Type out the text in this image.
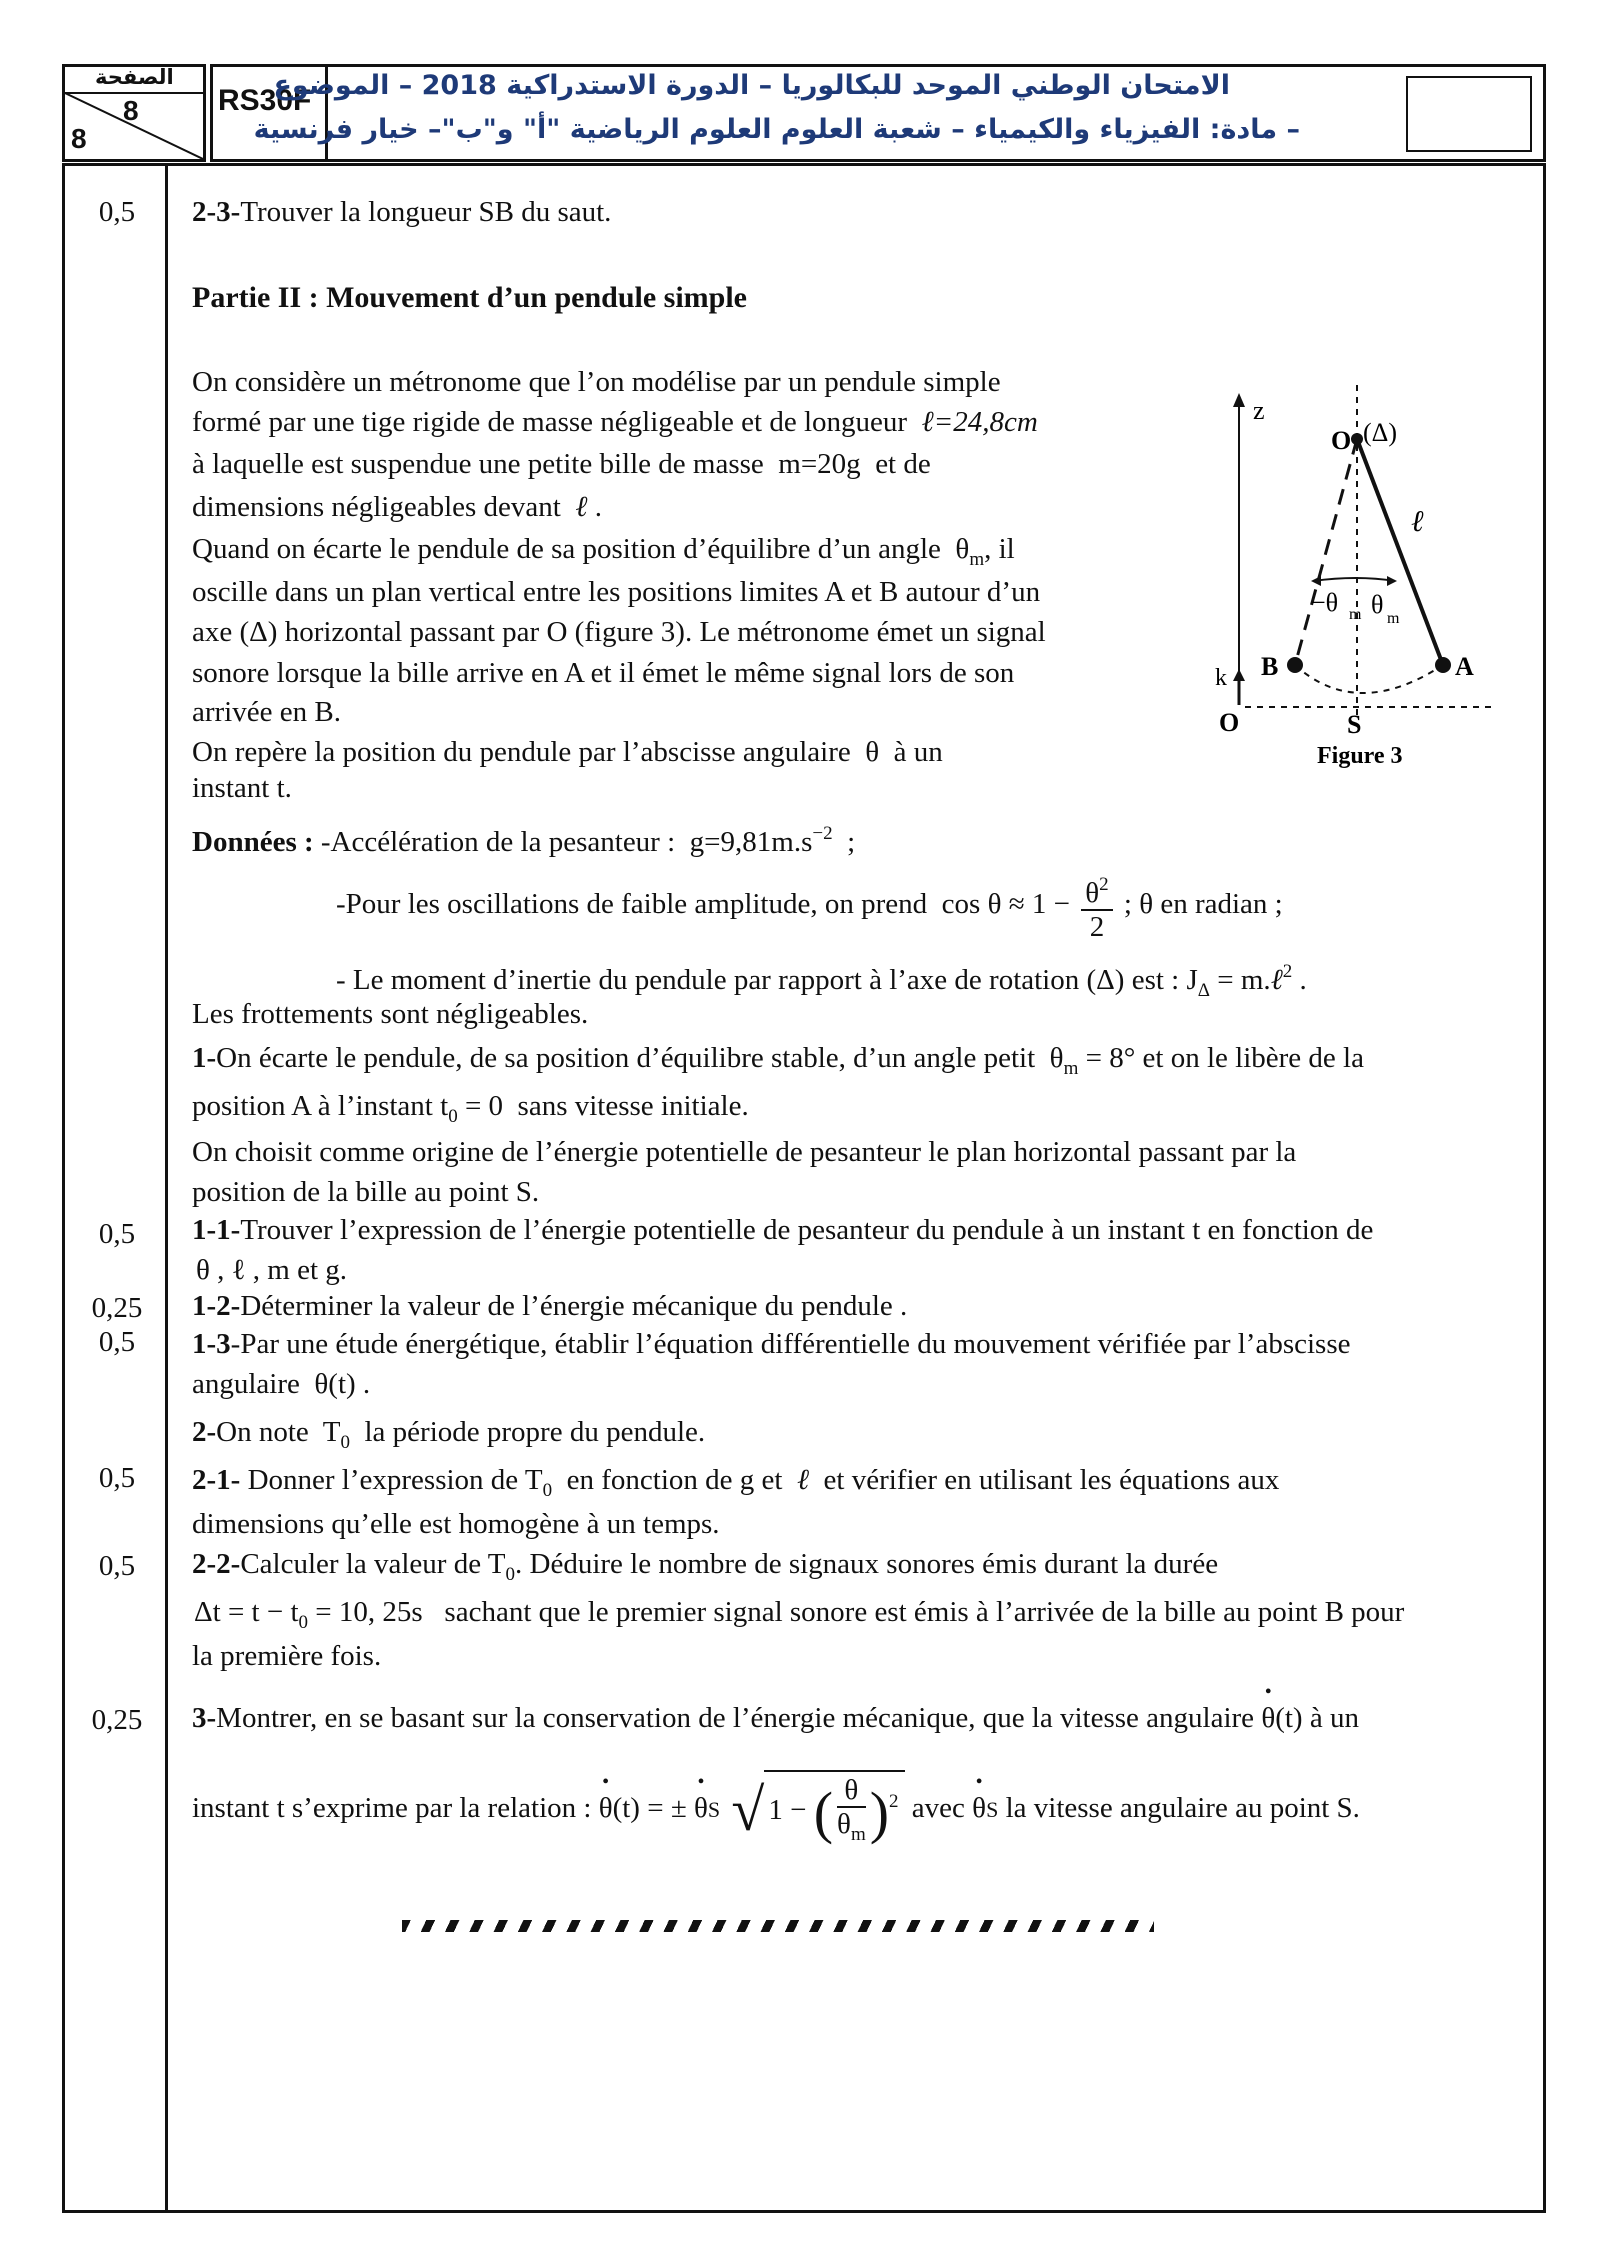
الصفحة
8
8
RS30F
الامتحان الوطني الموحد للبكالوريا – الدورة الاستدراكية 2018 – الموضوع
– مادة: الفيزياء والكيمياء – شعبة العلوم العلوم الرياضية "أ" و"ب"– خيار فرنسية
0,5
0,5
0,25
0,5
0,5
0,5
0,25
2-3-Trouver la longueur SB du saut.
Partie II : Mouvement d’un pendule simple
On considère un métronome que l’on modélise par un pendule simple
formé par une tige rigide de masse négligeable et de longueur ℓ=24,8cm
à laquelle est suspendue une petite bille de masse m=20g et de
dimensions négligeables devant ℓ .
Quand on écarte le pendule de sa position d’équilibre d’un angle  $\theta_m$, il
oscille dans un plan vertical entre les positions limites A et B autour d’un
axe (Δ) horizontal passant par O (figure 3). Le métronome émet un signal
sonore lorsque la bille arrive en A et il émet le même signal lors de son
arrivée en B.
On repère la position du pendule par l’abscisse angulaire  θ  à un
instant t.
Données : -Accélération de la pesanteur : $g=9,81m.s^{-2}$  ;
-Pour les oscillations de faible amplitude, on prend  $\cos \theta \approx 1 - \frac{\theta^2}{2}$ ; θ en radian ;
- Le moment d’inertie du pendule par rapport à l’axe de rotation (Δ) est : $J_\Delta$ = m.ℓ$^2$ .
Les frottements sont négligeables.
1-On écarte le pendule, de sa position d’équilibre stable, d’un angle petit  $\theta_m = 8^\circ$ et on le libère de la
position A à l’instant $t_0 = 0$  sans vitesse initiale.
On choisit comme origine de l’énergie potentielle de pesanteur le plan horizontal passant par la
position de la bille au point S.
1-1-Trouver l’expression de l’énergie potentielle de pesanteur du pendule à un instant t en fonction de
θ , ℓ , m et g.
1-2-Déterminer la valeur de l’énergie mécanique du pendule .
1-3-Par une étude énergétique, établir l’équation différentielle du mouvement vérifiée par l’abscisse
angulaire  θ(t) .
2-On note  $T_0$ la période propre du pendule.
2-1- Donner l’expression de $T_0$ en fonction de g et ℓ et vérifier en utilisant les équations aux
dimensions qu’elle est homogène à un temps.
2-2-Calculer la valeur de $T_0$. Déduire le nombre de signaux sonores émis durant la durée
$\Delta t = t - t_0 = 10$, 25s   sachant que le premier signal sonore est émis à l’arrivée de la bille au point B pour
la première fois.
3-Montrer, en se basant sur la conservation de l’énergie mécanique, que la vitesse angulaire • θ(t) à un
instant t s’exprime par la relation : • θ(t) = ± • θS √ 1 − ( $\frac{\theta}{\theta_m} )^2$ avec • θS la vitesse angulaire au point S.
z
O (Δ)
ℓ
−θ m θ m
k B	A
S
O
Figure 3
